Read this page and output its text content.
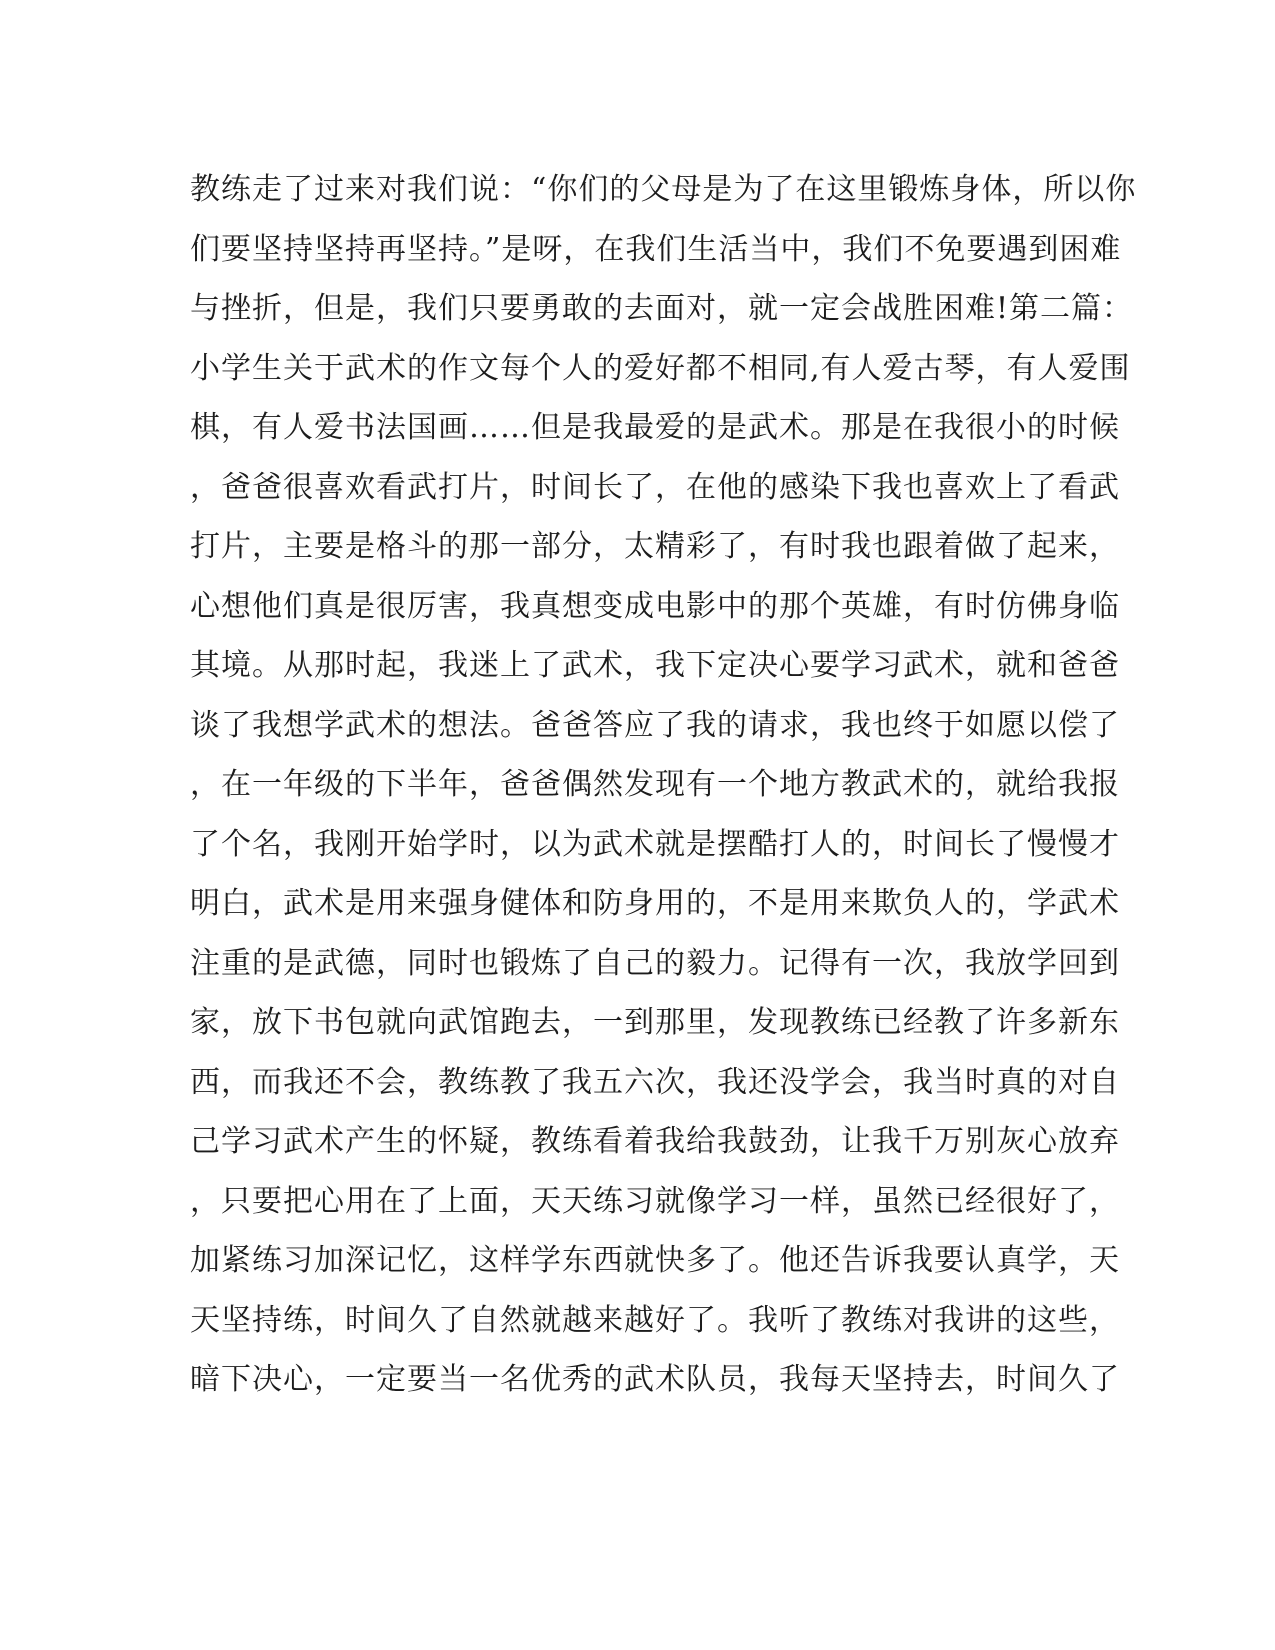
教练走了过来对我们说：“你们的父母是为了在这里锻炼身体，所以你
们要坚持坚持再坚持。”是呀，在我们生活当中，我们不免要遇到困难
与挫折，但是，我们只要勇敢的去面对，就一定会战胜困难!第二篇：
小学生关于武术的作文每个人的爱好都不相同,有人爱古琴，有人爱围
棋，有人爱书法国画……但是我最爱的是武术。那是在我很小的时候
，爸爸很喜欢看武打片，时间长了，在他的感染下我也喜欢上了看武
打片，主要是格斗的那一部分，太精彩了，有时我也跟着做了起来，
心想他们真是很厉害，我真想变成电影中的那个英雄，有时仿佛身临
其境。从那时起，我迷上了武术，我下定决心要学习武术，就和爸爸
谈了我想学武术的想法。爸爸答应了我的请求，我也终于如愿以偿了
，在一年级的下半年，爸爸偶然发现有一个地方教武术的，就给我报
了个名，我刚开始学时，以为武术就是摆酷打人的，时间长了慢慢才
明白，武术是用来强身健体和防身用的，不是用来欺负人的，学武术
注重的是武德，同时也锻炼了自己的毅力。记得有一次，我放学回到
家，放下书包就向武馆跑去，一到那里，发现教练已经教了许多新东
西，而我还不会，教练教了我五六次，我还没学会，我当时真的对自
己学习武术产生的怀疑，教练看着我给我鼓劲，让我千万别灰心放弃
，只要把心用在了上面，天天练习就像学习一样，虽然已经很好了，
加紧练习加深记忆，这样学东西就快多了。他还告诉我要认真学，天
天坚持练，时间久了自然就越来越好了。我听了教练对我讲的这些，
暗下决心，一定要当一名优秀的武术队员，我每天坚持去，时间久了
